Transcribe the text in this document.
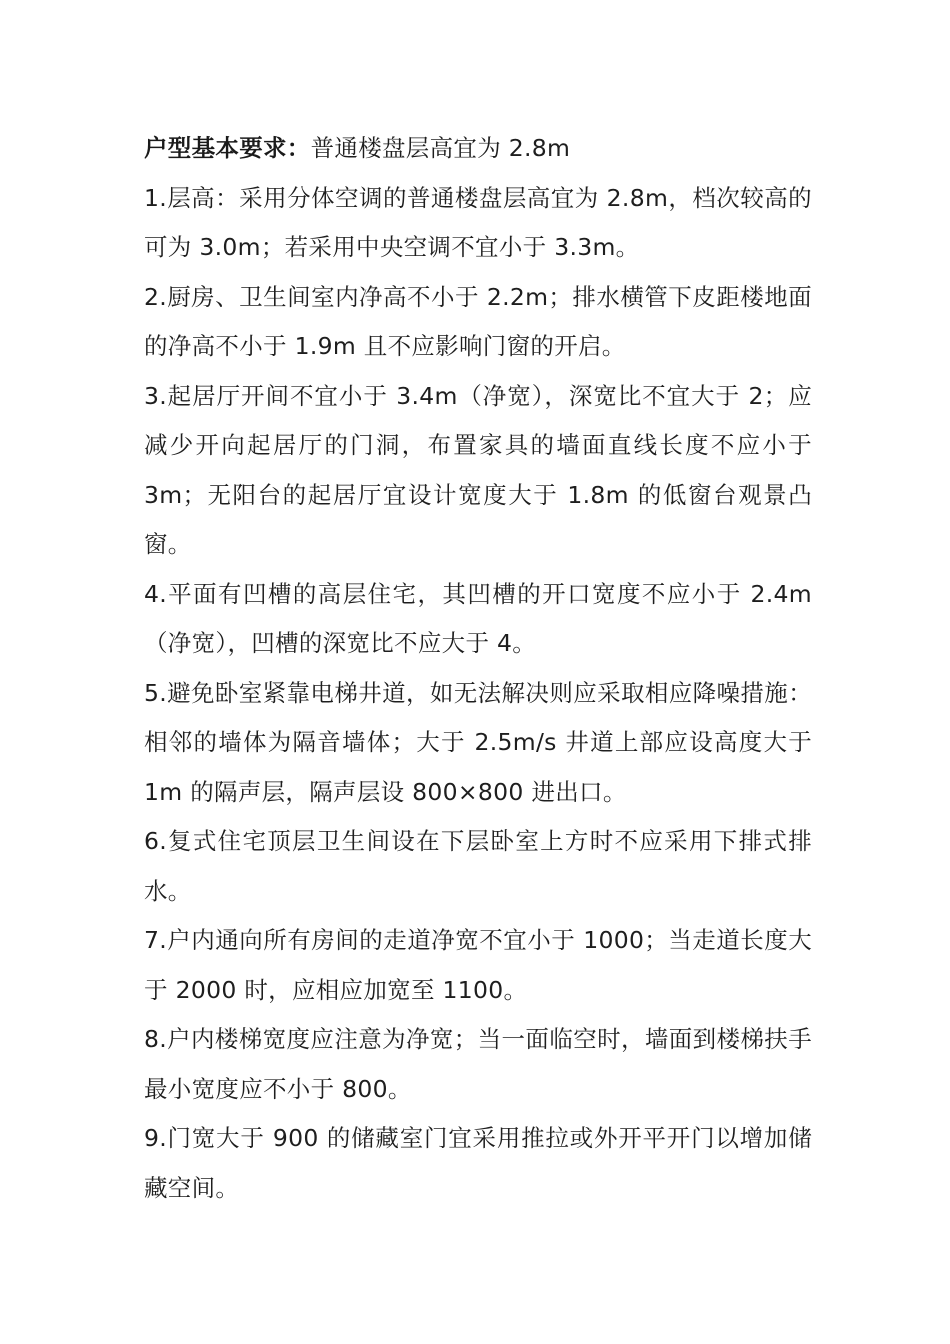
户型基本要求：普通楼盘层高宜为 2.8m

1.层高：采用分体空调的普通楼盘层高宜为 2.8m，档次较高的可为 3.0m；若采用中央空调不宜小于 3.3m。

2.厨房、卫生间室内净高不小于 2.2m；排水横管下皮距楼地面的净高不小于 1.9m 且不应影响门窗的开启。

3.起居厅开间不宜小于 3.4m（净宽），深宽比不宜大于 2；应减少开向起居厅的门洞，布置家具的墙面直线长度不应小于 3m；无阳台的起居厅宜设计宽度大于 1.8m 的低窗台观景凸窗。

4.平面有凹槽的高层住宅，其凹槽的开口宽度不应小于 2.4m（净宽），凹槽的深宽比不应大于 4。

5.避免卧室紧靠电梯井道，如无法解决则应采取相应降噪措施：相邻的墙体为隔音墙体；大于 2.5m/s 井道上部应设高度大于 1m 的隔声层，隔声层设 800×800 进出口。

6.复式住宅顶层卫生间设在下层卧室上方时不应采用下排式排水。

7.户内通向所有房间的走道净宽不宜小于 1000；当走道长度大于 2000 时，应相应加宽至 1100。

8.户内楼梯宽度应注意为净宽；当一面临空时，墙面到楼梯扶手最小宽度应不小于 800。

9.门宽大于 900 的储藏室门宜采用推拉或外开平开门以增加储藏空间。
